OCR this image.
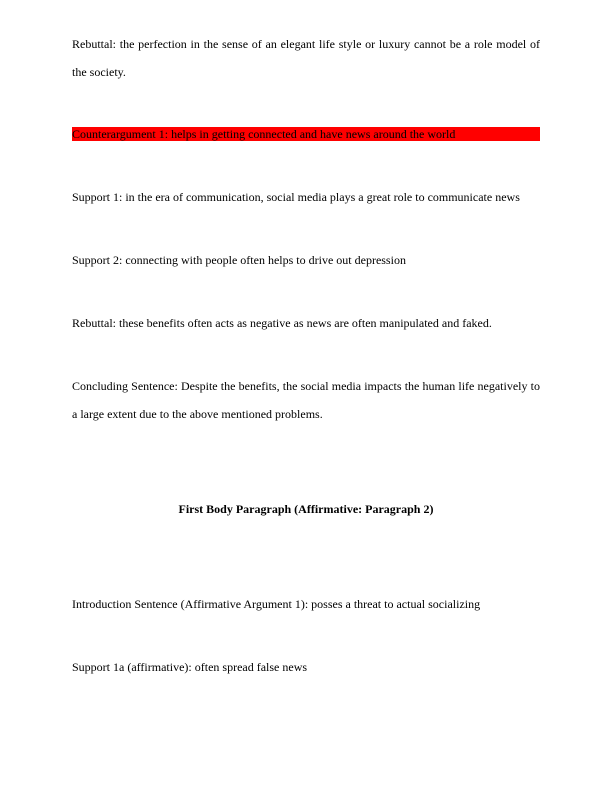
Rebuttal: the perfection in the sense of an elegant life style or luxury cannot be a role model of the society.

Counterargument 1: helps in getting connected and have news around the world

Support 1: in the era of communication, social media plays a great role to communicate news

Support 2: connecting with people often helps to drive out depression

Rebuttal: these benefits often acts as negative as news are often manipulated and faked.

Concluding Sentence: Despite the benefits, the social media impacts the human life negatively to a large extent due to the above mentioned problems.

First Body Paragraph (Affirmative: Paragraph 2)

Introduction Sentence (Affirmative Argument 1): posses a threat to actual socializing

Support 1a (affirmative): often spread false news
